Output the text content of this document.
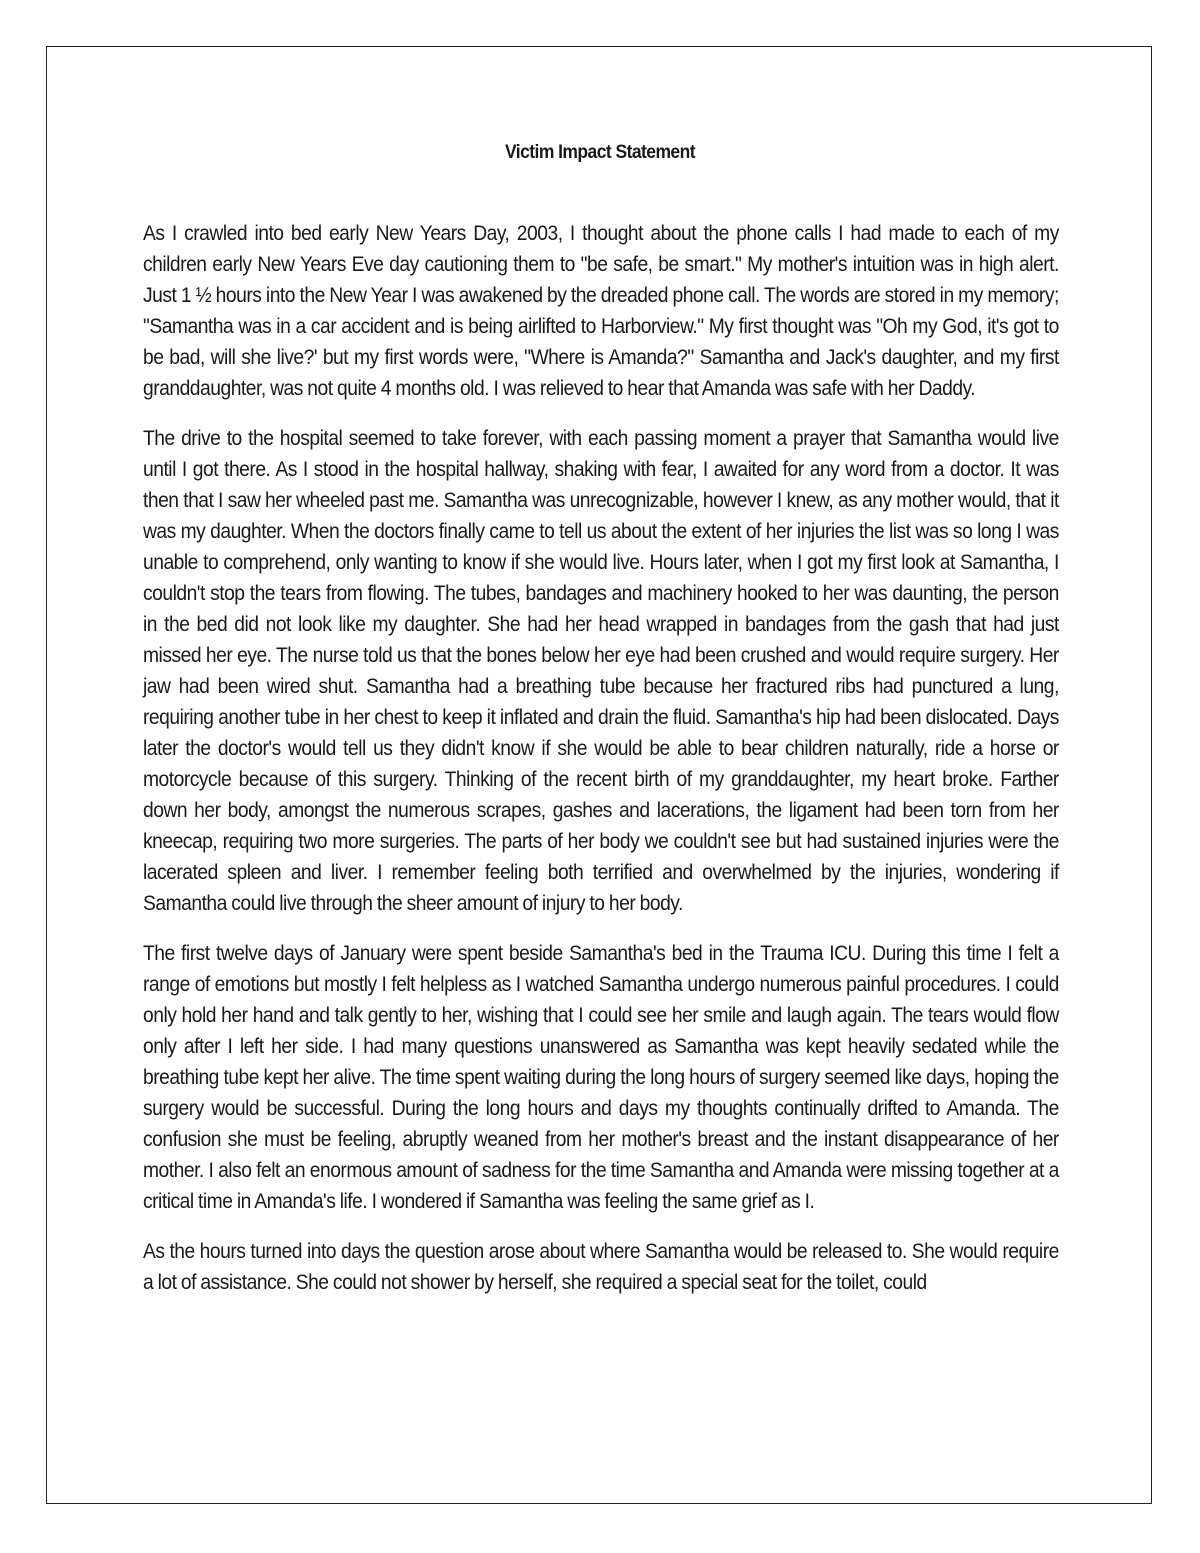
Victim Impact Statement

As I crawled into bed early New Years Day, 2003, I thought about the phone calls I had made to each of my children early New Years Eve day cautioning them to "be safe, be smart." My mother's intuition was in high alert. Just 1 ½ hours into the New Year I was awakened by the dreaded phone call. The words are stored in my memory; "Samantha was in a car accident and is being airlifted to Harborview." My first thought was "Oh my God, it's got to be bad, will she live?' but my first words were, "Where is Amanda?" Samantha and Jack's daughter, and my first granddaughter, was not quite 4 months old. I was relieved to hear that Amanda was safe with her Daddy.

The drive to the hospital seemed to take forever, with each passing moment a prayer that Samantha would live until I got there. As I stood in the hospital hallway, shaking with fear, I awaited for any word from a doctor. It was then that I saw her wheeled past me. Samantha was unrecognizable, however I knew, as any mother would, that it was my daughter. When the doctors finally came to tell us about the extent of her injuries the list was so long I was unable to comprehend, only wanting to know if she would live. Hours later, when I got my first look at Samantha, I couldn't stop the tears from flowing. The tubes, bandages and machinery hooked to her was daunting, the person in the bed did not look like my daughter. She had her head wrapped in bandages from the gash that had just missed her eye. The nurse told us that the bones below her eye had been crushed and would require surgery. Her jaw had been wired shut. Samantha had a breathing tube because her fractured ribs had punctured a lung, requiring another tube in her chest to keep it inflated and drain the fluid. Samantha's hip had been dislocated. Days later the doctor's would tell us they didn't know if she would be able to bear children naturally, ride a horse or motorcycle because of this surgery. Thinking of the recent birth of my granddaughter, my heart broke. Farther down her body, amongst the numerous scrapes, gashes and lacerations, the ligament had been torn from her kneecap, requiring two more surgeries. The parts of her body we couldn't see but had sustained injuries were the lacerated spleen and liver. I remember feeling both terrified and overwhelmed by the injuries, wondering if Samantha could live through the sheer amount of injury to her body.

The first twelve days of January were spent beside Samantha's bed in the Trauma ICU. During this time I felt a range of emotions but mostly I felt helpless as I watched Samantha undergo numerous painful procedures. I could only hold her hand and talk gently to her, wishing that I could see her smile and laugh again. The tears would flow only after I left her side. I had many questions unanswered as Samantha was kept heavily sedated while the breathing tube kept her alive. The time spent waiting during the long hours of surgery seemed like days, hoping the surgery would be successful. During the long hours and days my thoughts continually drifted to Amanda. The confusion she must be feeling, abruptly weaned from her mother's breast and the instant disappearance of her mother. I also felt an enormous amount of sadness for the time Samantha and Amanda were missing together at a critical time in Amanda's life. I wondered if Samantha was feeling the same grief as I.

As the hours turned into days the question arose about where Samantha would be released to. She would require a lot of assistance. She could not shower by herself, she required a special seat for the toilet, could
